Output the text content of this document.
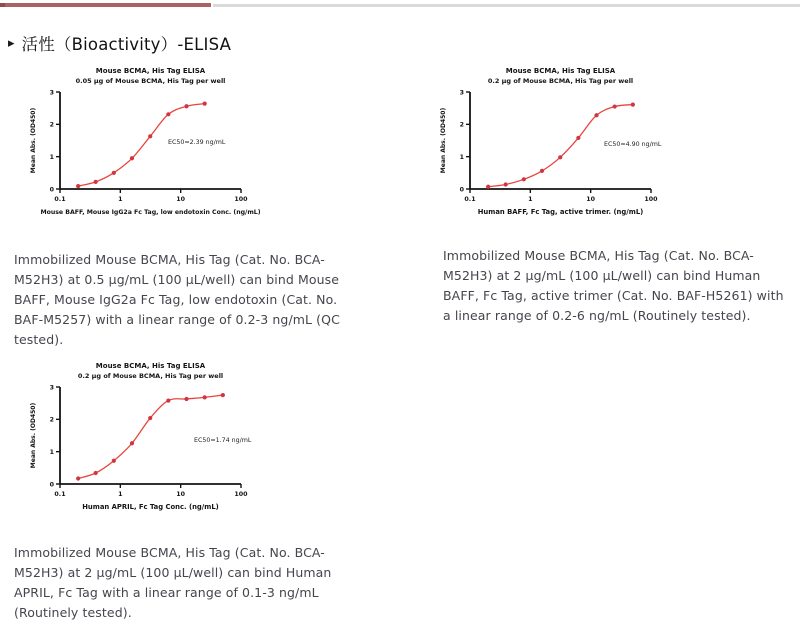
▸ 活性（Bioactivity）-ELISA
Mouse BCMA, His Tag ELISA
0.05 μg of Mouse BCMA, His Tag per well
0
1
2
3
0.1	1	10	100
Mouse BAFF, Mouse IgG2a Fc Tag, low endotoxin Conc. (ng/mL)
Mean Abs. (OD450)	EC50=2.39 ng/mL
Mouse BCMA, His Tag ELISA
0.2 μg of Mouse BCMA, His Tag per well
0
1
2
3
0.1	1	10	100
Human BAFF, Fc Tag, active trimer. (ng/mL)
Mean Abs. (OD450)	EC50=4.90 ng/mL
Mouse BCMA, His Tag ELISA
0.2 μg of Mouse BCMA, His Tag per well
0
1
2
3
0.1	1	10	100
Human APRIL, Fc Tag Conc. (ng/mL)
Mean Abs. (OD450)	EC50=1.74 ng/mL

Immobilized Mouse BCMA, His Tag (Cat. No. BCA-M52H3) at 0.5 μg/mL (100 μL/well) can bind Mouse BAFF, Mouse IgG2a Fc Tag, low endotoxin (Cat. No. BAF-M5257) with a linear range of 0.2-3 ng/mL (QC tested).

Immobilized Mouse BCMA, His Tag (Cat. No. BCA-M52H3) at 2 μg/mL (100 μL/well) can bind Human BAFF, Fc Tag, active trimer (Cat. No. BAF-H5261) with a linear range of 0.2-6 ng/mL (Routinely tested).

Immobilized Mouse BCMA, His Tag (Cat. No. BCA-M52H3) at 2 μg/mL (100 μL/well) can bind Human APRIL, Fc Tag with a linear range of 0.1-3 ng/mL (Routinely tested).
